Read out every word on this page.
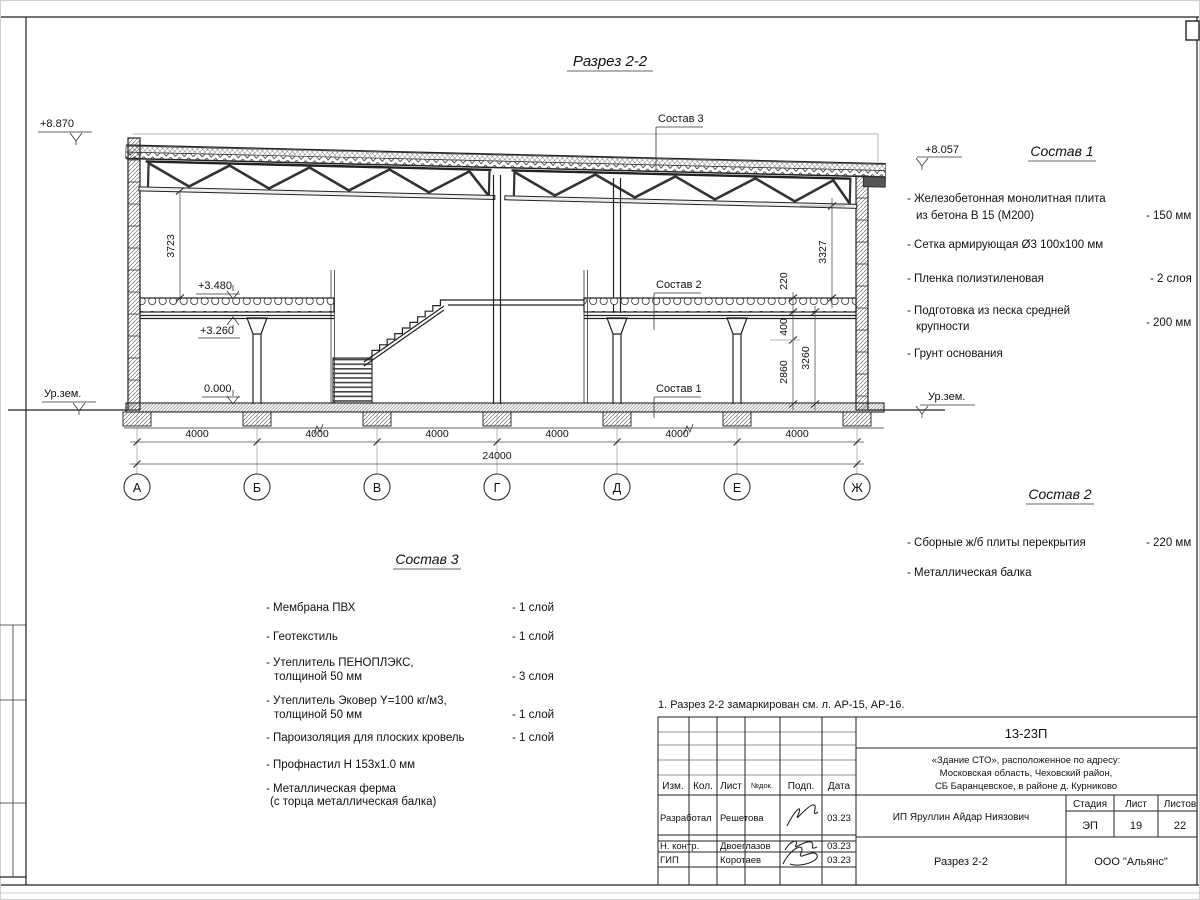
Разрез 2-2
+8.870
Ур.зем.
+8.057
Ур.зем.
+3.480
+3.260
0.000
Состав 3
Состав 2
Состав 1
3723
220
400
2860
3260
3327
4000	4000	4000	4000	4000	4000
24000
А	Б	В	Г	Д	Е	Ж
Состав 1
- Железобетонная монолитная плита
из бетона В 15 (М200)	- 150 мм
- Сетка армирующая Ø3 100х100 мм
- Пленка полиэтиленовая	- 2 слоя
- Подготовка из песка средней
крупности	- 200 мм
- Грунт основания
Состав 2
- Сборные ж/б плиты перекрытия	- 220 мм
- Металлическая балка
Состав 3
- Мембрана ПВХ	- 1 слой
- Геотекстиль	- 1 слой
- Утеплитель ПЕНОПЛЭКС,
толщиной 50 мм	- 3 слоя
- Утеплитель Эковер Y=100 кг/м3,
толщиной 50 мм	- 1 слой
- Пароизоляция для плоских кровель	- 1 слой
- Профнастил Н 153х1.0 мм
- Металлическая ферма
(с торца металлическая балка)
1. Разрез 2-2 замаркирован см. л. АР-15, АР-16.
Изм. Кол. Лист №док. Подп. Дата
Разработал Решетова	03.23
Н. контр. Двоеглазов	03.23
ГИП	Коротаев	03.23
13-23П
«Здание СТО», расположенное по адресу:
Московская область, Чеховский район,
СБ Баранцевское, в районе д. Курниково
ИП Яруллин Айдар Ниязович
Стадия Лист Листов
ЭП	19	22
Разрез 2-2	ООО "Альянс"
